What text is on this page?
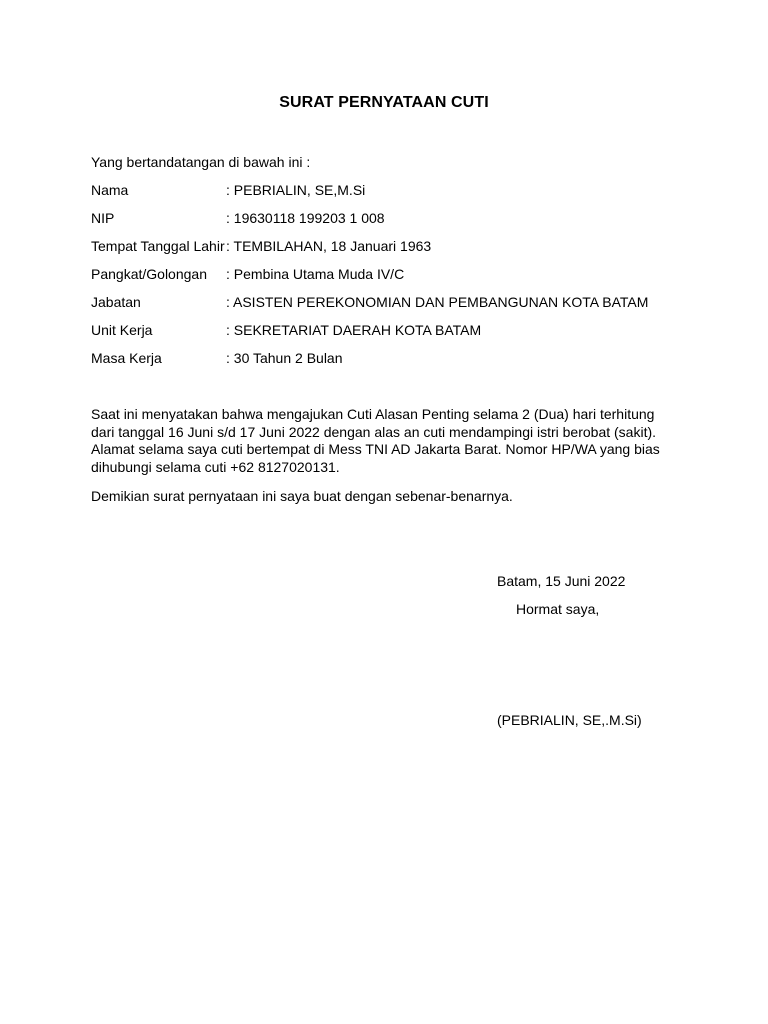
SURAT PERNYATAAN CUTI
Yang bertandatangan di bawah ini :
Nama	: PEBRIALIN, SE,M.Si
NIP	: 19630118 199203 1 008
Tempat Tanggal Lahir : TEMBILAHAN, 18 Januari 1963
Pangkat/Golongan : Pembina Utama Muda IV/C
Jabatan	: ASISTEN PEREKONOMIAN DAN PEMBANGUNAN KOTA BATAM
Unit Kerja	: SEKRETARIAT DAERAH KOTA BATAM
Masa Kerja	: 30 Tahun 2 Bulan
Saat ini menyatakan bahwa mengajukan Cuti Alasan Penting selama 2 (Dua) hari terhitung dari tanggal 16 Juni s/d 17 Juni 2022 dengan alas an cuti mendampingi istri berobat (sakit). Alamat selama saya cuti bertempat di Mess TNI AD Jakarta Barat. Nomor HP/WA yang bias dihubungi selama cuti +62 8127020131.
Demikian surat pernyataan ini saya buat dengan sebenar-benarnya.
Batam, 15 Juni 2022
Hormat saya,
(PEBRIALIN, SE,.M.Si)
